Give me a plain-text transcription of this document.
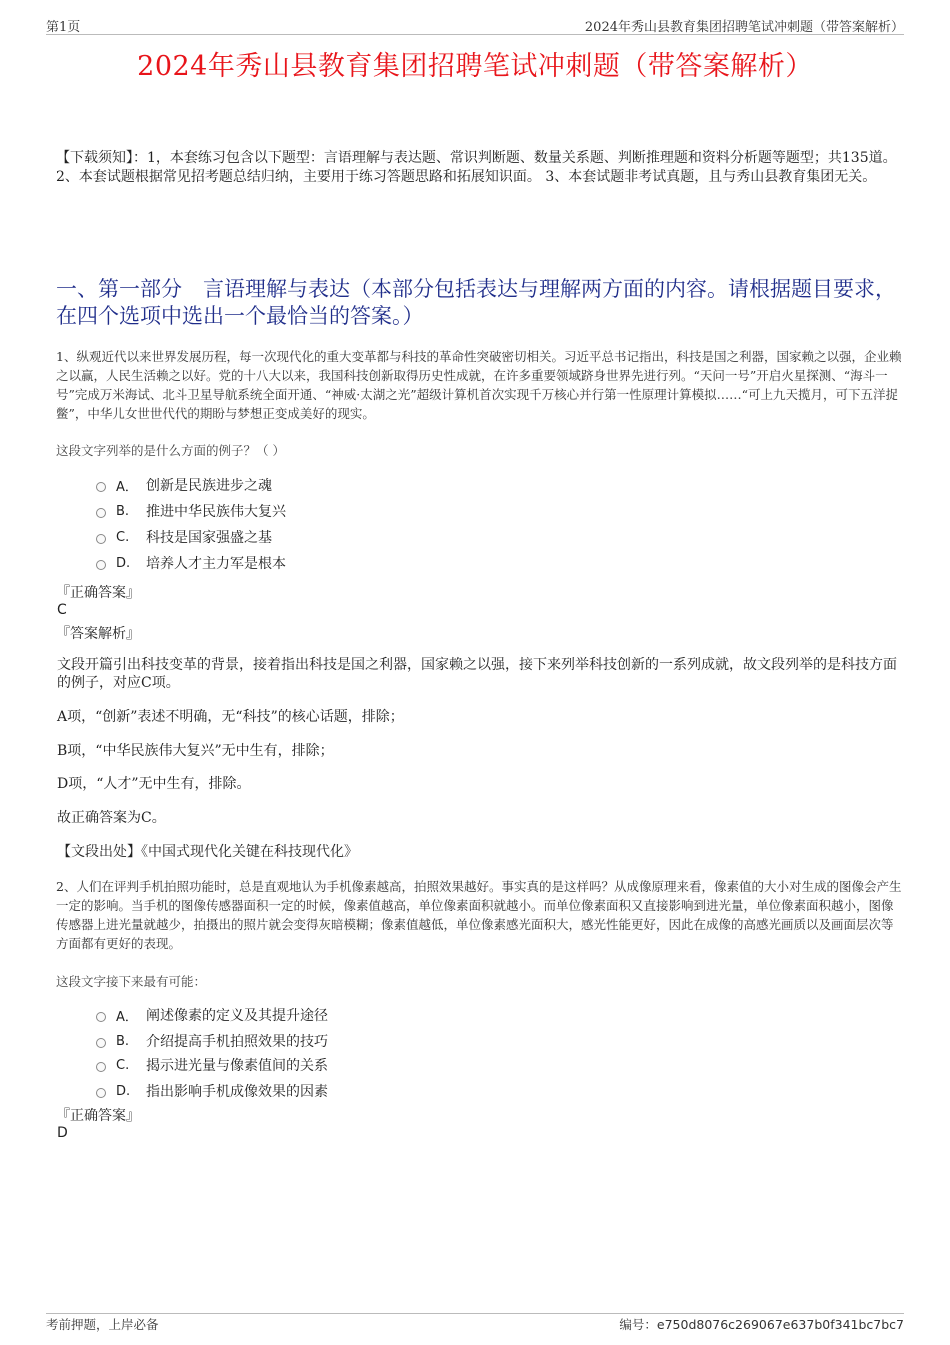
第1页	2024年秀山县教育集团招聘笔试冲刺题（带答案解析）
2024年秀山县教育集团招聘笔试冲刺题（带答案解析）
【下载须知】：1，本套练习包含以下题型：言语理解与表达题、常识判断题、数量关系题、判断推理题和资料分析题等题型；共135道。 2、本套试题根据常见招考题总结归纳，主要用于练习答题思路和拓展知识面。 3、本套试题非考试真题，且与秀山县教育集团无关。
一、第一部分　言语理解与表达（本部分包括表达与理解两方面的内容。请根据题目要求，在四个选项中选出一个最恰当的答案。）
1、纵观近代以来世界发展历程，每一次现代化的重大变革都与科技的革命性突破密切相关。习近平总书记指出，科技是国之利器，国家赖之以强，企业赖之以赢，人民生活赖之以好。党的十八大以来，我国科技创新取得历史性成就，在许多重要领域跻身世界先进行列。“天问一号”开启火星探测、“海斗一号”完成万米海试、北斗卫星导航系统全面开通、“神威·太湖之光”超级计算机首次实现千万核心并行第一性原理计算模拟……“可上九天揽月，可下五洋捉鳖”，中华儿女世世代代的期盼与梦想正变成美好的现实。
这段文字列举的是什么方面的例子？（ ）
A． 创新是民族进步之魂
B.	推进中华民族伟大复兴
C.	科技是国家强盛之基
D.	培养人才主力军是根本
『正确答案』
C
『答案解析』
文段开篇引出科技变革的背景，接着指出科技是国之利器，国家赖之以强，接下来列举科技创新的一系列成就，故文段列举的是科技方面的例子，对应C项。
A项，“创新”表述不明确，无“科技”的核心话题，排除；
B项，“中华民族伟大复兴”无中生有，排除；
D项，“人才”无中生有，排除。
故正确答案为C。
【文段出处】《中国式现代化关键在科技现代化》
2、人们在评判手机拍照功能时，总是直观地认为手机像素越高，拍照效果越好。事实真的是这样吗？从成像原理来看，像素值的大小对生成的图像会产生一定的影响。当手机的图像传感器面积一定的时候，像素值越高，单位像素面积就越小。而单位像素面积又直接影响到进光量，单位像素面积越小，图像传感器上进光量就越少，拍摄出的照片就会变得灰暗模糊；像素值越低，单位像素感光面积大，感光性能更好，因此在成像的高感光画质以及画面层次等方面都有更好的表现。
这段文字接下来最有可能：
A． 阐述像素的定义及其提升途径
B.	介绍提高手机拍照效果的技巧
C.	揭示进光量与像素值间的关系
D.	指出影响手机成像效果的因素
『正确答案』
D
考前押题，上岸必备	编号：e750d8076c269067e637b0f341bc7bc7
